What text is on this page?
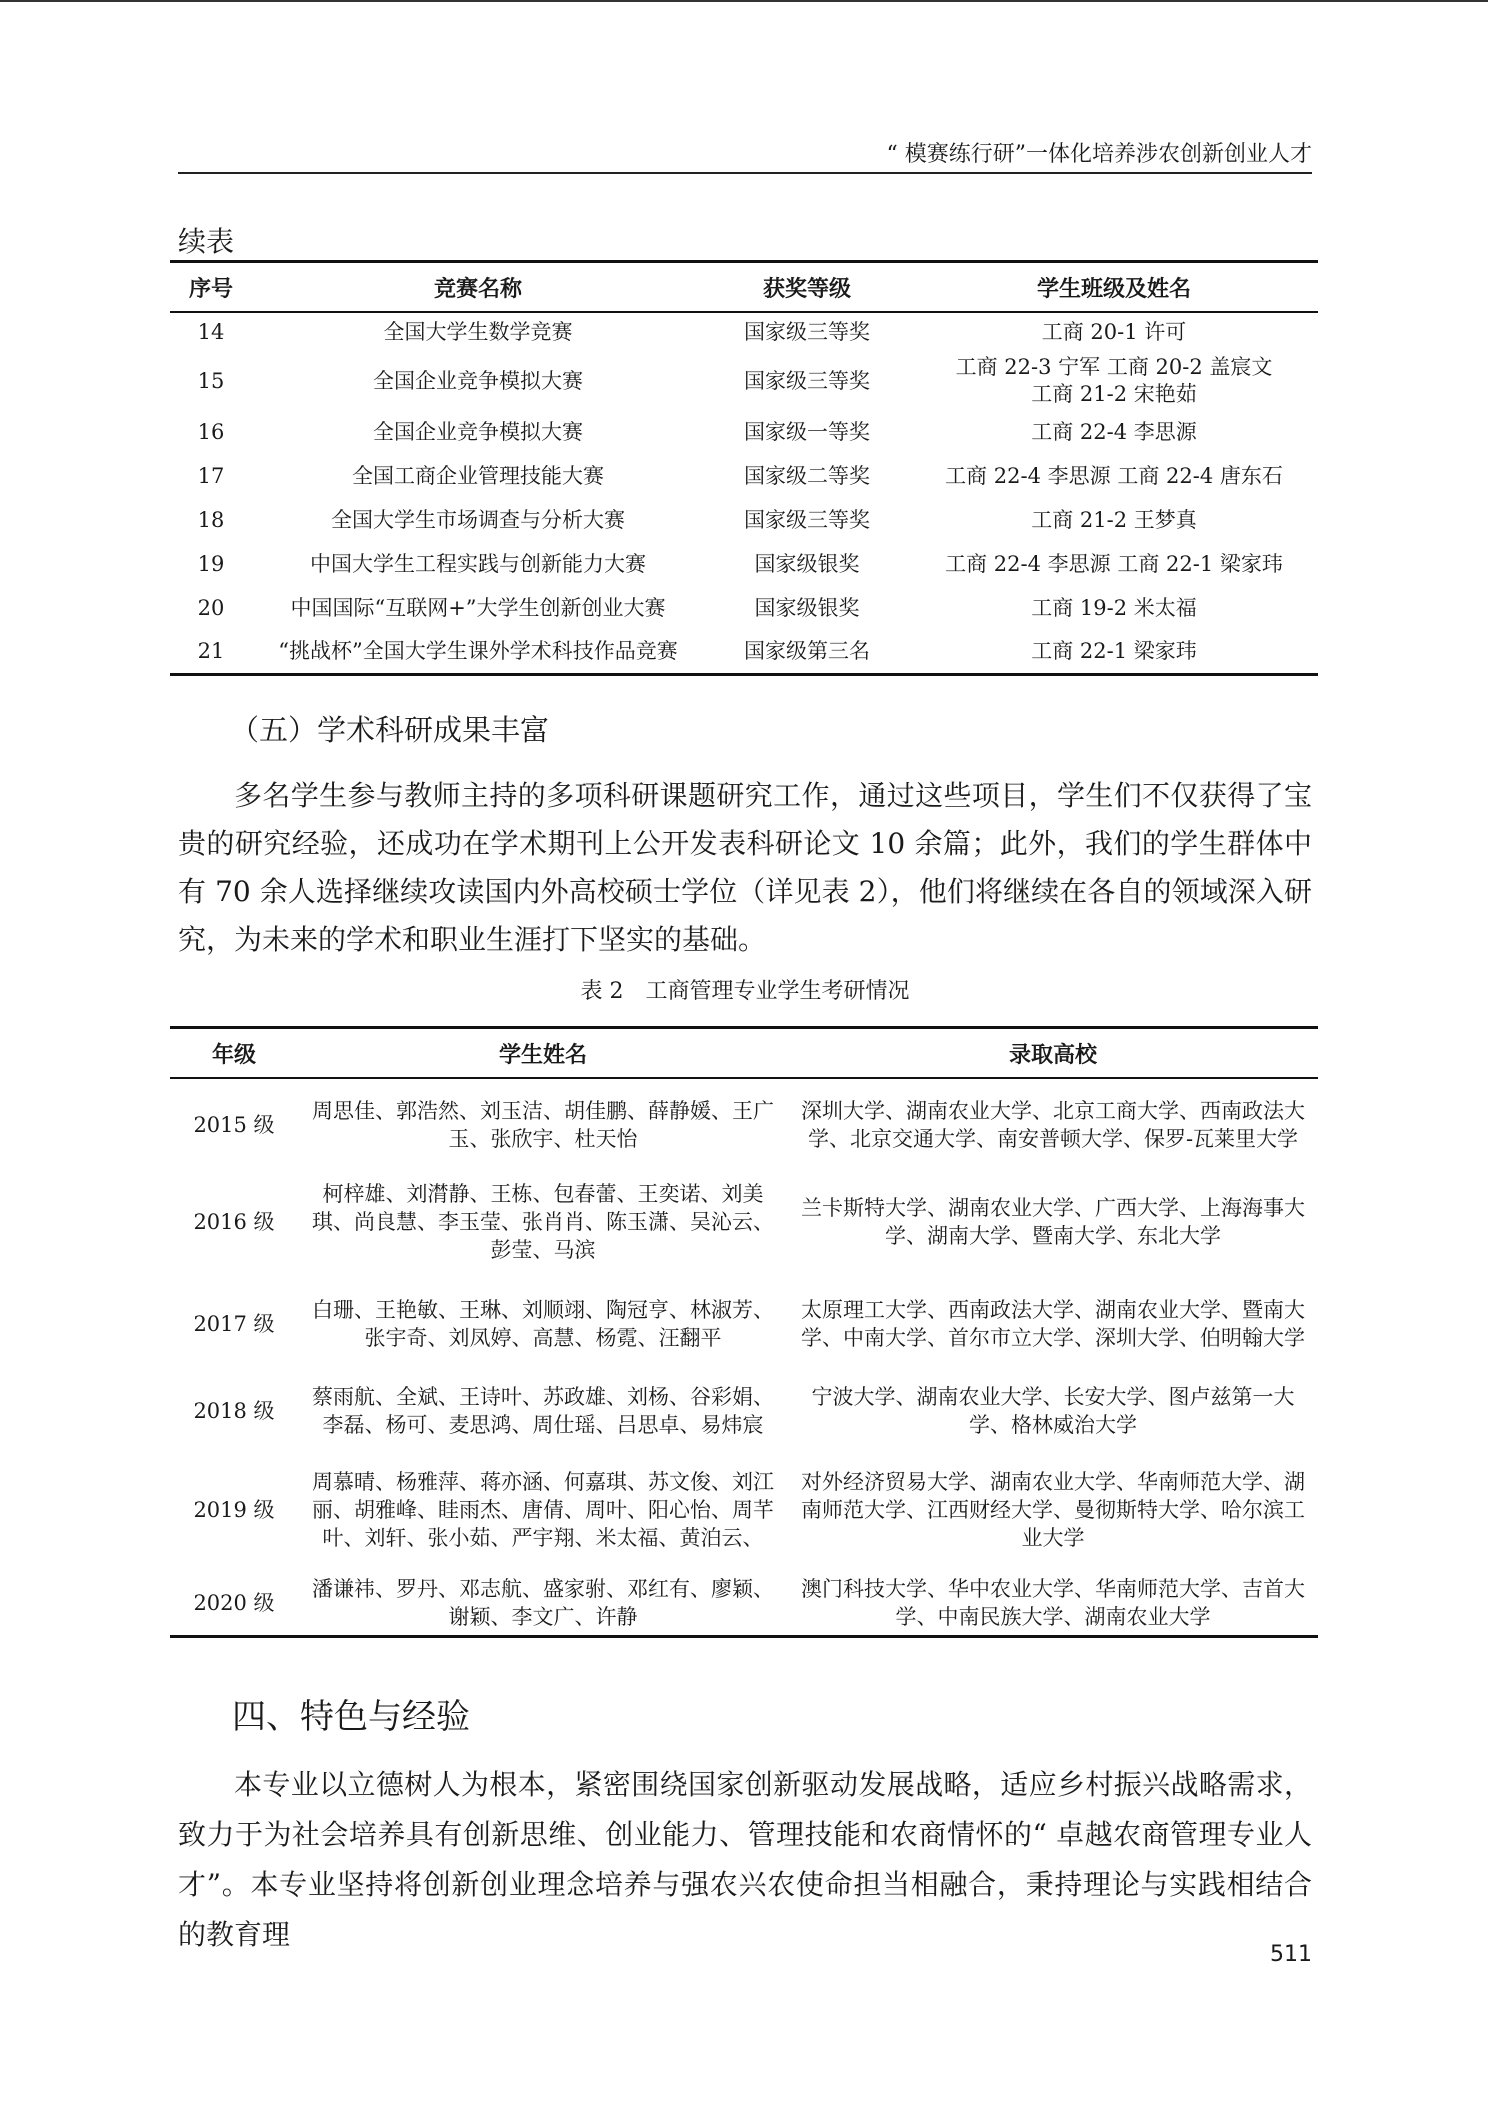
“ 模赛练行研”一体化培养涉农创新创业人才
续表
序号	竞赛名称	获奖等级	学生班级及姓名
14	全国大学生数学竞赛	国家级三等奖	工商 20-1 许可

15	全国企业竞争模拟大赛	国家级三等奖	工商 22-3 宁军 工商 20-2 盖宸文
工商 21-2 宋艳茹

16	全国企业竞争模拟大赛	国家级一等奖	工商 22-4 李思源

17	全国工商企业管理技能大赛	国家级二等奖	工商 22-4 李思源 工商 22-4 唐东石

18	全国大学生市场调查与分析大赛	国家级三等奖	工商 21-2 王梦真

19	中国大学生工程实践与创新能力大赛	国家级银奖	工商 22-4 李思源 工商 22-1 梁家玮

20	中国国际“互联网+”大学生创新创业大赛	国家级银奖	工商 19-2 米太福

21	“挑战杯”全国大学生课外学术科技作品竞赛	国家级第三名	工商 22-1 梁家玮
（五）学术科研成果丰富
多名学生参与教师主持的多项科研课题研究工作，通过这些项目，学生们不仅获得了宝贵的研究经验，还成功在学术期刊上公开发表科研论文 10 余篇；此外，我们的学生群体中有 70 余人选择继续攻读国内外高校硕士学位（详见表 2），他们将继续在各自的领域深入研究，为未来的学术和职业生涯打下坚实的基础。
表 2　工商管理专业学生考研情况
年级	学生姓名	录取高校
2015 级	周思佳、郭浩然、刘玉洁、胡佳鹏、薛静媛、王广玉、张欣宇、杜天怡	深圳大学、湖南农业大学、北京工商大学、西南政法大学、北京交通大学、南安普顿大学、保罗-瓦莱里大学
2016 级	柯梓雄、刘潸静、王栋、包春蕾、王奕诺、刘美琪、尚良慧、李玉莹、张肖肖、陈玉潇、吴沁云、彭莹、马滨	兰卡斯特大学、湖南农业大学、广西大学、上海海事大学、湖南大学、暨南大学、东北大学
2017 级	白珊、王艳敏、王琳、刘顺翊、陶冠亨、林淑芳、张宇奇、刘凤婷、高慧、杨霓、汪翻平	太原理工大学、西南政法大学、湖南农业大学、暨南大学、中南大学、首尔市立大学、深圳大学、伯明翰大学
2018 级	蔡雨航、全斌、王诗叶、苏政雄、刘杨、谷彩娟、李磊、杨可、麦思鸿、周仕瑶、吕思卓、易炜宸	宁波大学、湖南农业大学、长安大学、图卢兹第一大学、格林威治大学
2019 级	周慕晴、杨雅萍、蒋亦涵、何嘉琪、苏文俊、刘江丽、胡雅峰、眭雨杰、唐倩、周叶、阳心怡、周芊叶、刘轩、张小茹、严宇翔、米太福、黄泊云、	对外经济贸易大学、湖南农业大学、华南师范大学、湖南师范大学、江西财经大学、曼彻斯特大学、哈尔滨工业大学
2020 级	潘谦祎、罗丹、邓志航、盛家驸、邓红有、廖颖、谢颖、李文广、许静	澳门科技大学、华中农业大学、华南师范大学、吉首大学、中南民族大学、湖南农业大学
四、特色与经验
本专业以立德树人为根本，紧密围绕国家创新驱动发展战略，适应乡村振兴战略需求， 致力于为社会培养具有创新思维、创业能力、管理技能和农商情怀的“ 卓越农商管理专业人才”。本专业坚持将创新创业理念培养与强农兴农使命担当相融合，秉持理论与实践相结合的教育理
511
